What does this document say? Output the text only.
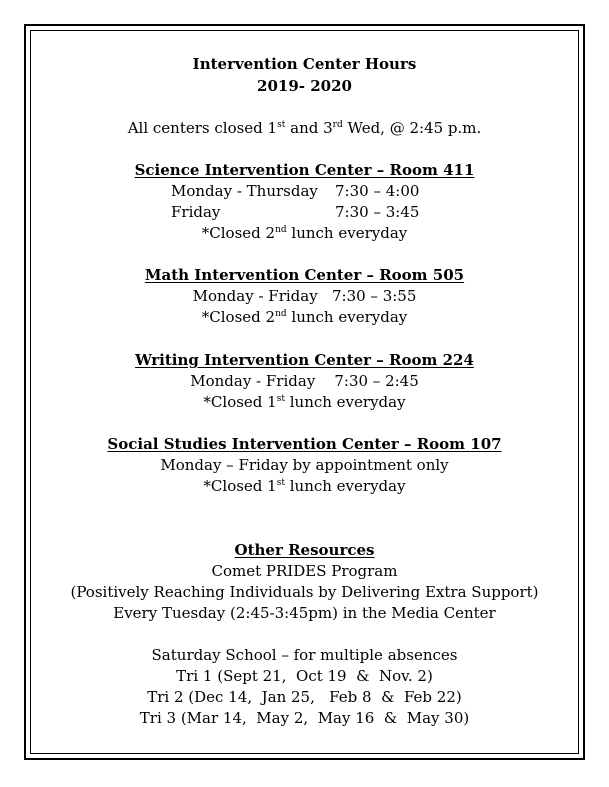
Intervention Center Hours
2019- 2020
All centers closed 1st and 3rd Wed, @ 2:45 p.m.
Science Intervention Center – Room 411
Monday - Thursday 7:30 – 4:00
Friday	7:30 – 3:45
*Closed 2nd lunch everyday
Math Intervention Center – Room 505
Monday - Friday   7:30 – 3:55
*Closed 2nd lunch everyday
Writing Intervention Center – Room 224
Monday - Friday    7:30 – 2:45
*Closed 1st lunch everyday
Social Studies Intervention Center – Room 107
Monday – Friday by appointment only
*Closed 1st lunch everyday
Other Resources
Comet PRIDES Program
(Positively Reaching Individuals by Delivering Extra Support)
Every Tuesday (2:45-3:45pm) in the Media Center
Saturday School – for multiple absences
Tri 1 (Sept 21,  Oct 19  &  Nov. 2)
Tri 2 (Dec 14,  Jan 25,   Feb 8  &  Feb 22)
Tri 3 (Mar 14,  May 2,  May 16  &  May 30)
